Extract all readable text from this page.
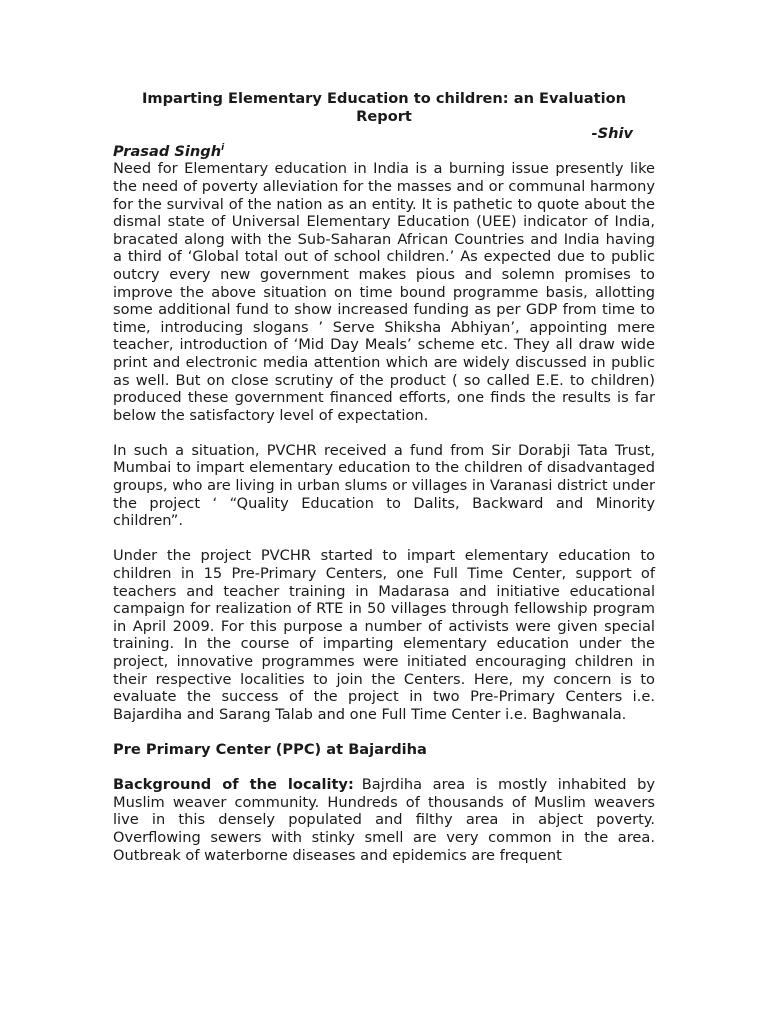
Imparting Elementary Education to children: an Evaluation Report

-Shiv

Prasad Singh$^i$

Need for Elementary education in India is a burning issue presently like the need of poverty alleviation for the masses and or communal harmony for the survival of the nation as an entity. It is pathetic to quote about the dismal state of Universal Elementary Education (UEE) indicator of India, bracated along with the Sub-Saharan African Countries and India having a third of ‘Global total out of school children.’ As expected due to public outcry every new government makes pious and solemn promises to improve the above situation on time bound programme basis, allotting some additional fund to show increased funding as per GDP from time to time, introducing slogans ’ Serve Shiksha Abhiyan’, appointing mere teacher, introduction of ‘Mid Day Meals’ scheme etc. They all draw wide print and electronic media attention which are widely discussed in public as well. But on close scrutiny of the product ( so called E.E. to children) produced these government financed efforts, one finds the results is far below the satisfactory level of expectation.

In such a situation, PVCHR received a fund from Sir Dorabji Tata Trust, Mumbai to impart elementary education to the children of disadvantaged groups, who are living in urban slums or villages in Varanasi district under the project ‘ “Quality Education to Dalits, Backward and Minority children”.

Under the project PVCHR started to impart elementary education to children in 15 Pre-Primary Centers, one Full Time Center, support of teachers and teacher training in Madarasa and initiative educational campaign for realization of RTE in 50 villages through fellowship program in April 2009. For this purpose a number of activists were given special training. In the course of imparting elementary education under the project, innovative programmes were initiated encouraging children in their respective localities to join the Centers. Here, my concern is to evaluate the success of the project in two Pre-Primary Centers i.e. Bajardiha and Sarang Talab and one Full Time Center i.e. Baghwanala.

Pre Primary Center (PPC) at Bajardiha

Background of the locality: Bajrdiha area is mostly inhabited by Muslim weaver community. Hundreds of thousands of Muslim weavers live in this densely populated and filthy area in abject poverty. Overflowing sewers with stinky smell are very common in the area. Outbreak of waterborne diseases and epidemics are frequent
